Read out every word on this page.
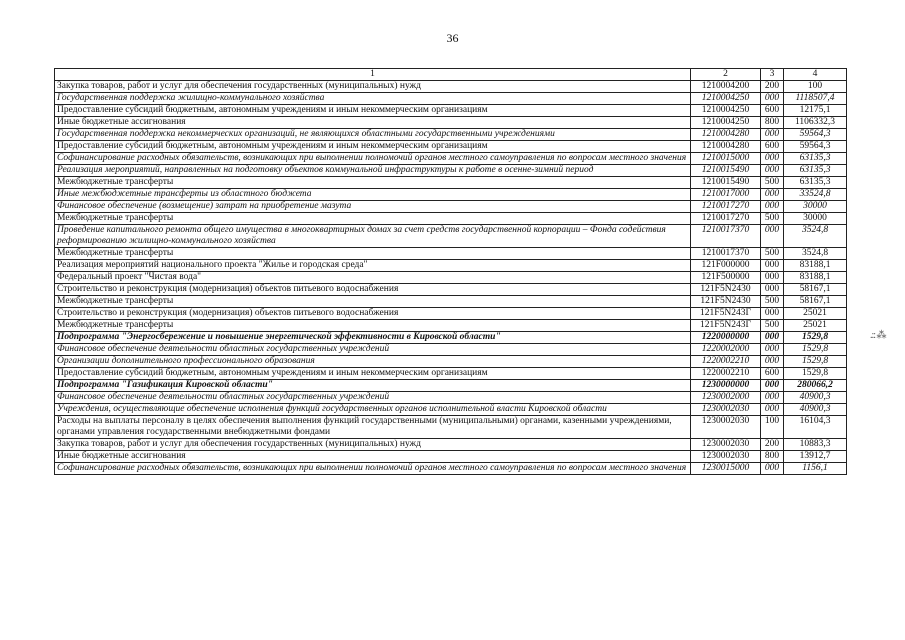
36
1	2	3	4
Закупка товаров, работ и услуг для обеспечения государственных (муниципальных) нужд	1210004200	200	100
Государственная поддержка жилищно-коммунального хозяйства	1210004250	000	1118507,4
Предоставление субсидий бюджетным, автономным учреждениям и иным некоммерческим организациям	1210004250	600	12175,1
Иные бюджетные ассигнования	1210004250	800	1106332,3
Государственная поддержка некоммерческих организаций, не являющихся областными государственными учреждениями	1210004280	000	59564,3
Предоставление субсидий бюджетным, автономным учреждениям и иным некоммерческим организациям	1210004280	600	59564,3
Софинансирование расходных обязательств, возникающих при выполнении полномочий органов местного самоуправления по вопросам местного значения	1210015000	000	63135,3
Реализация мероприятий, направленных на подготовку объектов коммунальной инфраструктуры к работе в осенне-зимний период	1210015490	000	63135,3
Межбюджетные трансферты	1210015490	500	63135,3
Иные межбюджетные трансферты из областного бюджета	1210017000	000	33524,8
Финансовое обеспечение (возмещение) затрат на приобретение мазута	1210017270	000	30000
Межбюджетные трансферты	1210017270	500	30000
Проведение капитального ремонта общего имущества в многоквартирных домах за счет средств государственной корпорации – Фонда содействия реформированию жилищно-коммунального хозяйства	1210017370	000	3524,8
Межбюджетные трансферты	1210017370	500	3524,8
Реализация мероприятий национального проекта "Жилье и городская среда"	121F000000	000	83188,1
Федеральный проект "Чистая вода"	121F500000	000	83188,1
Строительство и реконструкция (модернизация) объектов питьевого водоснабжения	121F5N2430	000	58167,1
Межбюджетные трансферты	121F5N2430	500	58167,1
Строительство и реконструкция (модернизация) объектов питьевого водоснабжения	121F5N243Г	000	25021
Межбюджетные трансферты	121F5N243Г	500	25021
Подпрограмма "Энергосбережение и повышение энергетической эффективности в Кировской области"	1220000000	000	1529,8
Финансовое обеспечение деятельности областных государственных учреждений	1220002000	000	1529,8
Организации дополнительного профессионального образования	1220002210	000	1529,8
Предоставление субсидий бюджетным, автономным учреждениям и иным некоммерческим организациям	1220002210	600	1529,8
Подпрограмма "Газификация Кировской области"	1230000000	000	280066,2
Финансовое обеспечение деятельности областных государственных учреждений	1230002000	000	40900,3
Учреждения, осуществляющие обеспечение исполнения функций государственных органов исполнительной власти Кировской области	1230002030	000	40900,3
Расходы на выплаты персоналу в целях обеспечения выполнения функций государственными (муниципальными) органами, казенными учреждениями, органами управления государственными внебюджетными фондами	1230002030	100	16104,3
Закупка товаров, работ и услуг для обеспечения государственных (муниципальных) нужд	1230002030	200	10883,3
Иные бюджетные ассигнования	1230002030	800	13912,7
Софинансирование расходных обязательств, возникающих при выполнении полномочий органов местного самоуправления по вопросам местного значения	1230015000	000	1156,1
.:: ⁂
